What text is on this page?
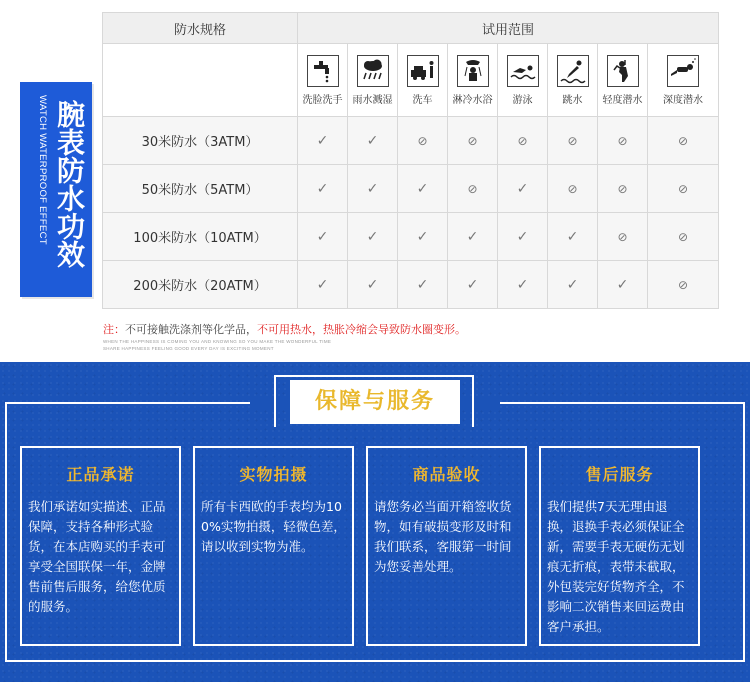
WATCH WATERPROOF EFFECT 腕表防水功效
防水规格	试用范围							

	洗脸洗手	雨水溅湿	洗车	淋冷水浴	游泳	跳水	轻度潜水	深度潜水

30米防水（3ATM）	✓	✓	⊘	⊘	⊘	⊘	⊘	⊘
50米防水（5ATM）	✓	✓	✓	⊘	✓	⊘	⊘	⊘
100米防水（10ATM）	✓	✓	✓	✓	✓	✓	⊘	⊘
200米防水（20ATM）	✓	✓	✓	✓	✓	✓	✓	⊘
注：不可接触洗涤剂等化学品，不可用热水，热胀冷缩会导致防水圈变形。
WHEN THE HAPPINESS IS COMING YOU AND KNOWING SO YOU MAKE THE WONDERFUL TIME
SHARE HAPPINESS FEELING GOOD EVERY DAY IS EXCITING MOMENT
保障与服务
正品承诺
我们承诺如实描述、正品保障，支持各种形式验货，在本店购买的手表可享受全国联保一年，金牌售前售后服务，给您优质的服务。
实物拍摄
所有卡西欧的手表均为100%实物拍摄，轻微色差，请以收到实物为准。
商品验收
请您务必当面开箱签收货物，如有破损变形及时和我们联系，客服第一时间为您妥善处理。
售后服务
我们提供7天无理由退换，退换手表必须保证全新，需要手表无硬伤无划痕无折痕，表带未截取，外包装完好货物齐全，不影响二次销售来回运费由客户承担。
